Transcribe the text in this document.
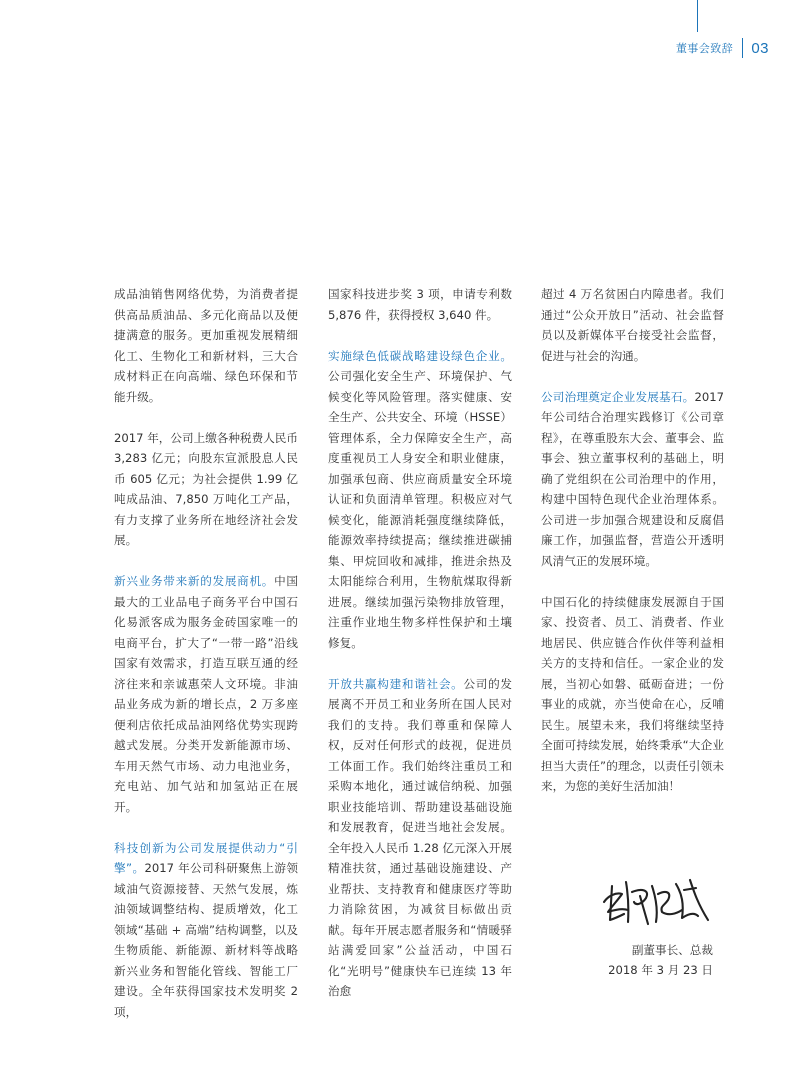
董事会致辞 03

成品油销售网络优势，为消费者提供高品质油品、多元化商品以及便捷满意的服务。更加重视发展精细化工、生物化工和新材料，三大合成材料正在向高端、绿色环保和节能升级。

2017 年，公司上缴各种税费人民币 3,283 亿元；向股东宣派股息人民币 605 亿元；为社会提供 1.99 亿吨成品油、7,850 万吨化工产品，有力支撑了业务所在地经济社会发展。

新兴业务带来新的发展商机。中国最大的工业品电子商务平台中国石化易派客成为服务金砖国家唯一的电商平台，扩大了“一带一路”沿线国家有效需求，打造互联互通的经济往来和亲诚惠荣人文环境。非油品业务成为新的增长点，2 万多座便利店依托成品油网络优势实现跨越式发展。分类开发新能源市场、车用天然气市场、动力电池业务，充电站、加气站和加氢站正在展开。

科技创新为公司发展提供动力“引擎”。2017 年公司科研聚焦上游领域油气资源接替、天然气发展，炼油领域调整结构、提质增效，化工领域“基础 + 高端”结构调整，以及生物质能、新能源、新材料等战略新兴业务和智能化管线、智能工厂建设。全年获得国家技术发明奖 2 项，

国家科技进步奖 3 项，申请专利数 5,876 件，获得授权 3,640 件。

实施绿色低碳战略建设绿色企业。公司强化安全生产、环境保护、气候变化等风险管理。落实健康、安全生产、公共安全、环境（HSSE）管理体系，全力保障安全生产，高度重视员工人身安全和职业健康，加强承包商、供应商质量安全环境认证和负面清单管理。积极应对气候变化，能源消耗强度继续降低，能源效率持续提高；继续推进碳捕集、甲烷回收和减排，推进余热及太阳能综合利用，生物航煤取得新进展。继续加强污染物排放管理，注重作业地生物多样性保护和土壤修复。

开放共赢构建和谐社会。公司的发展离不开员工和业务所在国人民对我们的支持。我们尊重和保障人权，反对任何形式的歧视，促进员工体面工作。我们始终注重员工和采购本地化，通过诚信纳税、加强职业技能培训、帮助建设基础设施和发展教育，促进当地社会发展。全年投入人民币 1.28 亿元深入开展精准扶贫，通过基础设施建设、产业帮扶、支持教育和健康医疗等助力消除贫困，为减贫目标做出贡献。每年开展志愿者服务和“情暖驿站满爱回家”公益活动，中国石化“光明号”健康快车已连续 13 年治愈

超过 4 万名贫困白内障患者。我们通过“公众开放日”活动、社会监督员以及新媒体平台接受社会监督，促进与社会的沟通。

公司治理奠定企业发展基石。2017 年公司结合治理实践修订《公司章程》，在尊重股东大会、董事会、监事会、独立董事权利的基础上，明确了党组织在公司治理中的作用，构建中国特色现代企业治理体系。公司进一步加强合规建设和反腐倡廉工作，加强监督，营造公开透明风清气正的发展环境。

中国石化的持续健康发展源自于国家、投资者、员工、消费者、作业地居民、供应链合作伙伴等利益相关方的支持和信任。一家企业的发展，当初心如磐、砥砺奋进；一份事业的成就，亦当使命在心，反哺民生。展望未来，我们将继续坚持全面可持续发展，始终秉承“大企业担当大责任”的理念，以责任引领未来，为您的美好生活加油！

副董事长、总裁
2018 年 3 月 23 日
